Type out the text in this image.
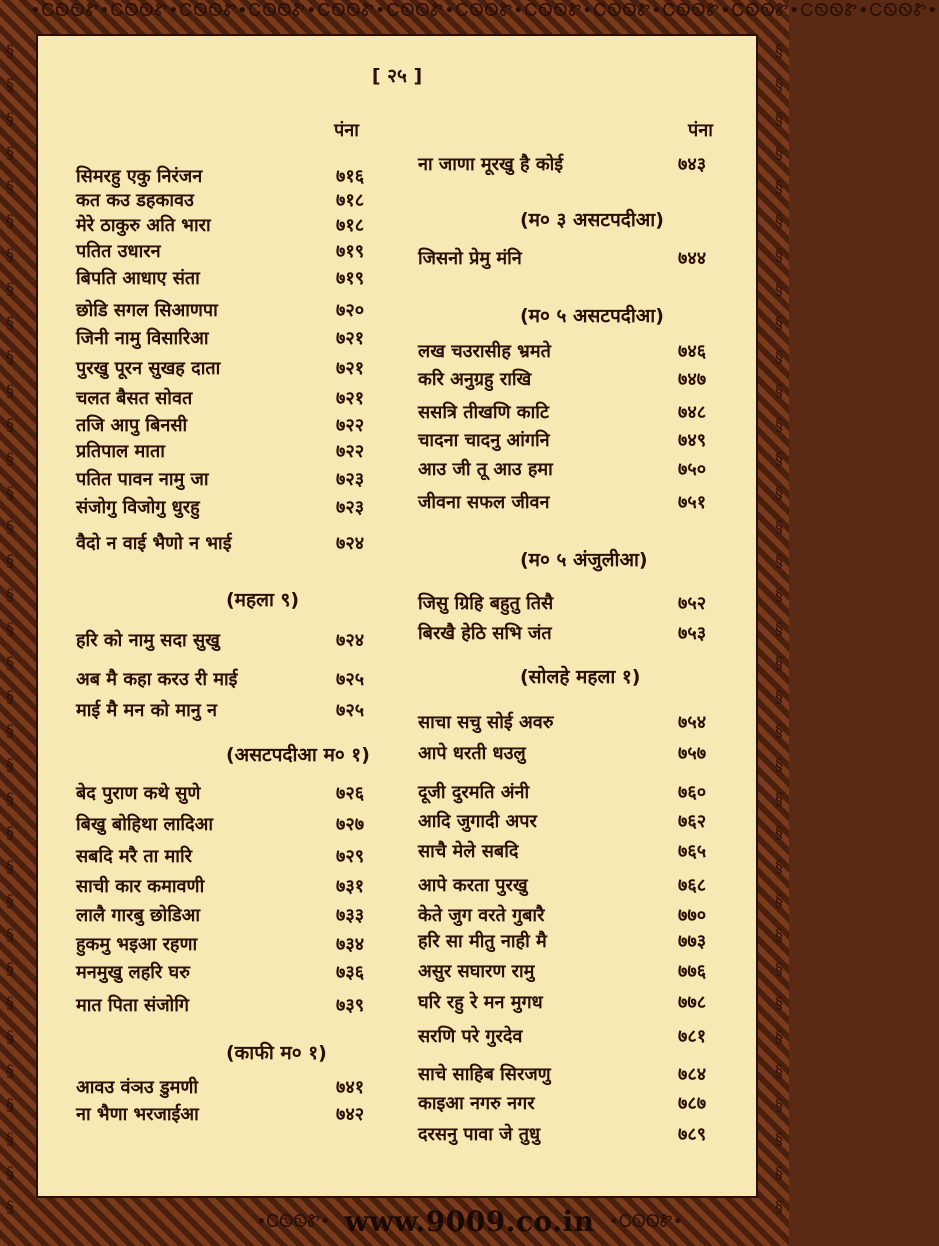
•ᏟᏫᏫᏑ•ᏟᏫᏫᏑ•ᏟᏫᏫᏑ•ᏟᏫᏫᏑ•ᏟᏫᏫᏑ•ᏟᏫᏫᏑ•ᏟᏫᏫᏑ•ᏟᏫᏫᏑ•ᏟᏫᏫᏑ•ᏟᏫᏫᏑ•ᏟᏫᏫᏑ•ᏟᏫᏫᏑ•ᏟᏫᏫᏑ•
§
§
§
§
§
§
§
§
§
§
§
§
§
§
§
§
§
§
§
§
§
§
§
§
§
§
§
§
§
§
§
§
§
§
§
§
§
§
§
§
§
§
§
§
§
§
§
§
§
§
§
§
§
§
§
§
§
§
§
§
§
§
§
§
§
§
§
§
§
§
[ २५ ]
पंना	पंना
सिमरहु एकु निरंजन	७१६
कत कउ डहकावउ	७१८
मेरे ठाकुरु अति भारा	७१८
पतित उधारन	७१९
बिपति आधाए संता	७१९
छोडि सगल सिआणपा	७२०
जिनी नामु विसारिआ	७२१
पुरखु पूरन सुखह दाता	७२१
चलत बैसत सोवत	७२१
तजि आपु बिनसी	७२२
प्रतिपाल माता	७२२
पतित पावन नामु जा	७२३
संजोगु विजोगु धुरहु	७२३
वैदो न वाई भैणो न भाई	७२४
(महला ९)
हरि को नामु सदा सुखु	७२४
अब मै कहा करउ री माई	७२५
माई मै मन को मानु न	७२५
(असटपदीआ म० १)
बेद पुराण कथे सुणे	७२६
बिखु बोहिथा लादिआ	७२७
सबदि मरै ता मारि	७२९
साची कार कमावणी	७३१
लालै गारबु छोडिआ	७३३
हुकमु भइआ रहणा	७३४
मनमुखु लहरि घरु	७३६
मात पिता संजोगि	७३९
(काफी म० १)
आवउ वंञउ डुमणी	७४१
ना भैणा भरजाईआ	७४२
ना जाणा मूरखु है कोई	७४३
(म० ३ असटपदीआ)
जिसनो प्रेमु मंनि	७४४
(म० ५ असटपदीआ)
लख चउरासीह भ्रमते	७४६
करि अनुग्रहु राखि	७४७
ससत्रि तीखणि काटि	७४८
चादना चादनु आंगनि	७४९
आउ जी तू आउ हमा	७५०
जीवना सफल जीवन	७५१
(म० ५ अंजुलीआ)
जिसु ग्रिहि बहुतु तिसै	७५२
बिरखै हेठि सभि जंत	७५३
(सोलहे महला १)
साचा सचु सोई अवरु	७५४
आपे धरती धउलु	७५७
दूजी दुरमति अंनी	७६०
आदि जुगादी अपर	७६२
साचै मेले सबदि	७६५
आपे करता पुरखु	७६८
केते जुग वरते गुबारै	७७०
हरि सा मीतु नाही मै	७७३
असुर सघारण रामु	७७६
घरि रहु रे मन मुगध	७७८
सरणि परे गुरदेव	७८१
साचे साहिब सिरजणु	७८४
काइआ नगरु नगर	७८७
दरसनु पावा जे तुधु	७८९
•ᏟᏫᏫᏑ• www.9009.co.in •ᏟᏫᏫᏑ•
